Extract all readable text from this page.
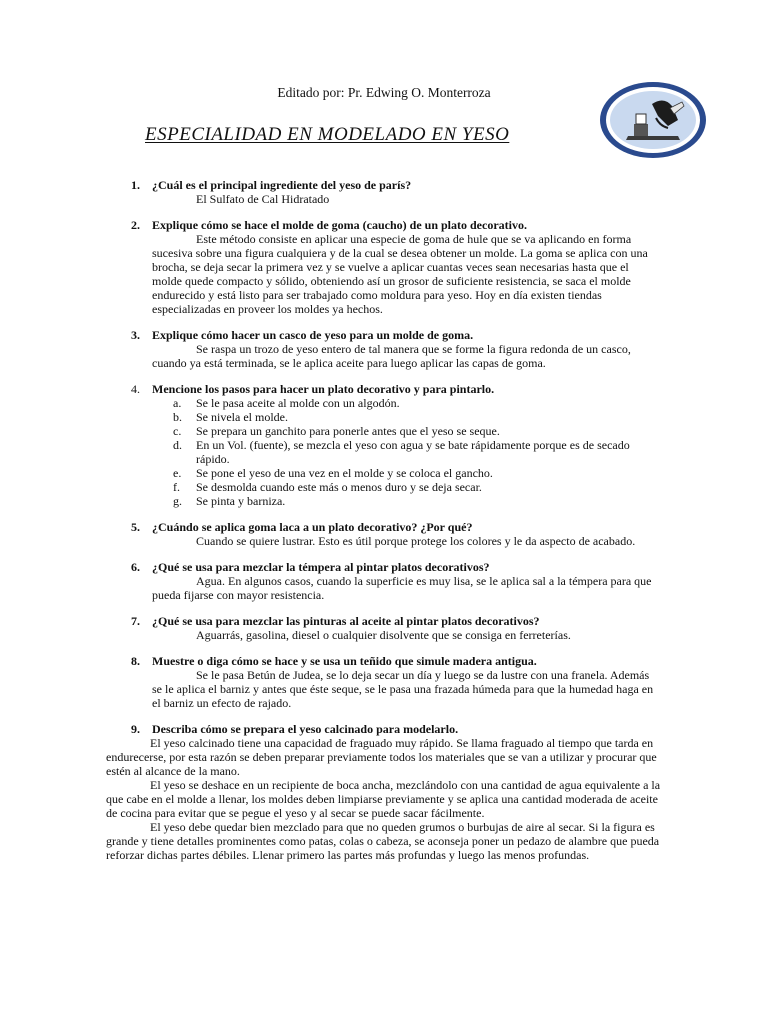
Editado por: Pr. Edwing O. Monterroza
ESPECIALIDAD EN MODELADO EN YESO
1. ¿Cuál es el principal ingrediente del yeso de parís?
El Sulfato de Cal Hidratado
2. Explique cómo se hace el molde de goma (caucho) de un plato decorativo.
Este método consiste en aplicar una especie de goma de hule que se va aplicando en forma sucesiva sobre una figura cualquiera y de la cual se desea obtener un molde. La goma se aplica con una brocha, se deja secar la primera vez y se vuelve a aplicar cuantas veces sean necesarias hasta que el molde quede compacto y sólido, obteniendo así un grosor de suficiente resistencia, se saca el molde endurecido y está listo para ser trabajado como moldura para yeso. Hoy en día existen tiendas especializadas en proveer los moldes ya hechos.
3. Explique cómo hacer un casco de yeso para un molde de goma.
Se raspa un trozo de yeso entero de tal manera que se forme la figura redonda de un casco, cuando ya está terminada, se le aplica aceite para luego aplicar las capas de goma.
4. Mencione los pasos para hacer un plato decorativo y para pintarlo.
a. Se le pasa aceite al molde con un algodón.
b. Se nivela el molde.
c. Se prepara un ganchito para ponerle antes que el yeso se seque.
d. En un Vol. (fuente), se mezcla el yeso con agua y se bate rápidamente porque es de secado rápido.
e. Se pone el yeso de una vez en el molde y se coloca el gancho.
f. Se desmolda cuando este más o menos duro y se deja secar.
g. Se pinta y barniza.
5. ¿Cuándo se aplica goma laca a un plato decorativo? ¿Por qué?
Cuando se quiere lustrar. Esto es útil porque protege los colores y le da aspecto de acabado.
6. ¿Qué se usa para mezclar la témpera al pintar platos decorativos?
Agua. En algunos casos, cuando la superficie es muy lisa, se le aplica sal a la témpera para que pueda fijarse con mayor resistencia.
7. ¿Qué se usa para mezclar las pinturas al aceite al pintar platos decorativos?
Aguarrás, gasolina, diesel o cualquier disolvente que se consiga en ferreterías.
8. Muestre o diga cómo se hace y se usa un teñido que simule madera antigua.
Se le pasa Betún de Judea, se lo deja secar un día y luego se da lustre con una franela. Además se le aplica el barniz y antes que éste seque, se le pasa una frazada húmeda para que la humedad haga en el barniz un efecto de rajado.
9. Describa cómo se prepara el yeso calcinado para modelarlo.
El yeso calcinado tiene una capacidad de fraguado muy rápido. Se llama fraguado al tiempo que tarda en endurecerse, por esta razón se deben preparar previamente todos los materiales que se van a utilizar y procurar que estén al alcance de la mano.
El yeso se deshace en un recipiente de boca ancha, mezclándolo con una cantidad de agua equivalente a la que cabe en el molde a llenar, los moldes deben limpiarse previamente y se aplica una cantidad moderada de aceite de cocina para evitar que se pegue el yeso y al secar se puede sacar fácilmente.
El yeso debe quedar bien mezclado para que no queden grumos o burbujas de aire al secar. Si la figura es grande y tiene detalles prominentes como patas, colas o cabeza, se aconseja poner un pedazo de alambre que pueda reforzar dichas partes débiles. Llenar primero las partes más profundas y luego las menos profundas.
